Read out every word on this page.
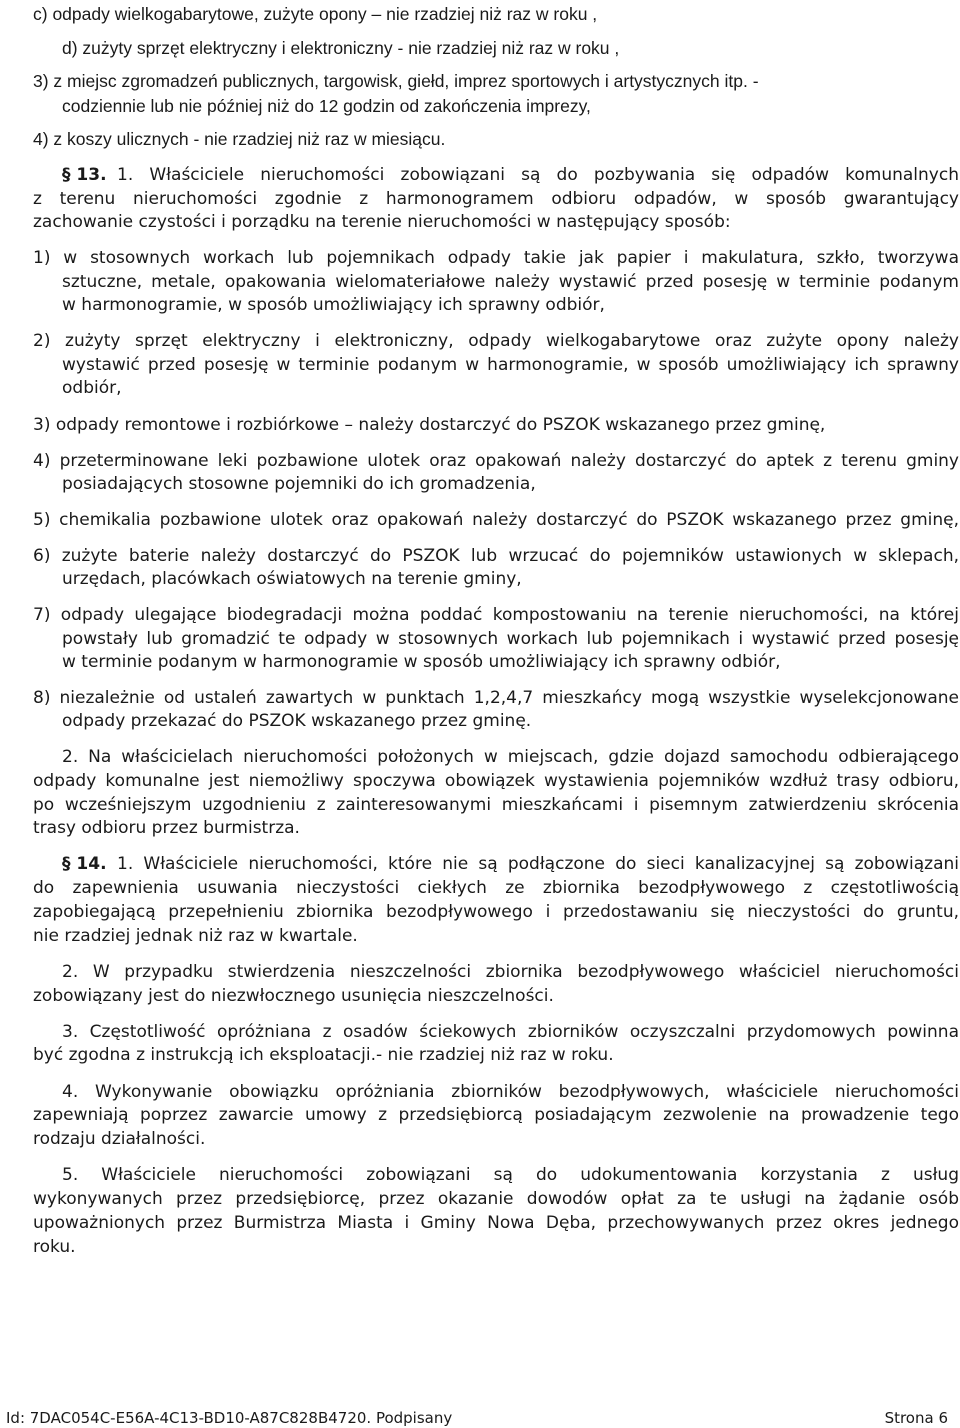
c) odpady wielkogabarytowe, zużyte opony – nie rzadziej niż raz w roku ,
d) zużyty sprzęt elektryczny i elektroniczny - nie rzadziej niż raz w roku ,
3) z miejsc zgromadzeń publicznych, targowisk, giełd, imprez sportowych i artystycznych itp. -
codziennie lub nie później niż do 12 godzin od zakończenia imprezy,
4) z koszy ulicznych - nie rzadziej niż raz w miesiącu.
§ 13. 1. Właściciele nieruchomości zobowiązani są do pozbywania się odpadów komunalnych
z terenu nieruchomości zgodnie z harmonogramem odbioru odpadów, w sposób gwarantujący
zachowanie czystości i porządku na terenie nieruchomości w następujący sposób:
1) w stosownych workach lub pojemnikach odpady takie jak papier i makulatura, szkło, tworzywa
sztuczne, metale, opakowania wielomateriałowe należy wystawić przed posesję w terminie podanym
w harmonogramie, w sposób umożliwiający ich sprawny odbiór,
2) zużyty sprzęt elektryczny i elektroniczny, odpady wielkogabarytowe oraz zużyte opony należy
wystawić przed posesję w terminie podanym w harmonogramie, w sposób umożliwiający ich sprawny
odbiór,
3) odpady remontowe i rozbiórkowe – należy dostarczyć do PSZOK wskazanego przez gminę,
4) przeterminowane leki pozbawione ulotek oraz opakowań należy dostarczyć do aptek z terenu gminy
posiadających stosowne pojemniki do ich gromadzenia,
5) chemikalia pozbawione ulotek oraz opakowań należy dostarczyć do PSZOK wskazanego przez gminę,
6) zużyte baterie należy dostarczyć do PSZOK lub wrzucać do pojemników ustawionych w sklepach,
urzędach, placówkach oświatowych na terenie gminy,
7) odpady ulegające biodegradacji można poddać kompostowaniu na terenie nieruchomości, na której
powstały lub gromadzić te odpady w stosownych workach lub pojemnikach i wystawić przed posesję
w terminie podanym w harmonogramie w sposób umożliwiający ich sprawny odbiór,
8) niezależnie od ustaleń zawartych w punktach 1,2,4,7 mieszkańcy mogą wszystkie wyselekcjonowane
odpady przekazać do PSZOK wskazanego przez gminę.
2. Na właścicielach nieruchomości położonych w miejscach, gdzie dojazd samochodu odbierającego
odpady komunalne jest niemożliwy spoczywa obowiązek wystawienia pojemników wzdłuż trasy odbioru,
po wcześniejszym uzgodnieniu z zainteresowanymi mieszkańcami i pisemnym zatwierdzeniu skrócenia
trasy odbioru przez burmistrza.
§ 14. 1. Właściciele nieruchomości, które nie są podłączone do sieci kanalizacyjnej są zobowiązani
do zapewnienia usuwania nieczystości ciekłych ze zbiornika bezodpływowego z częstotliwością
zapobiegającą przepełnieniu zbiornika bezodpływowego i przedostawaniu się nieczystości do gruntu,
nie rzadziej jednak niż raz w kwartale.
2. W przypadku stwierdzenia nieszczelności zbiornika bezodpływowego właściciel nieruchomości
zobowiązany jest do niezwłocznego usunięcia nieszczelności.
3. Częstotliwość opróżniana z osadów ściekowych zbiorników oczyszczalni przydomowych powinna
być zgodna z instrukcją ich eksploatacji.- nie rzadziej niż raz w roku.
4. Wykonywanie obowiązku opróżniania zbiorników bezodpływowych, właściciele nieruchomości
zapewniają poprzez zawarcie umowy z przedsiębiorcą posiadającym zezwolenie na prowadzenie tego
rodzaju działalności.
5. Właściciele nieruchomości zobowiązani są do udokumentowania korzystania z usług
wykonywanych przez przedsiębiorcę, przez okazanie dowodów opłat za te usługi na żądanie osób
upoważnionych przez Burmistrza Miasta i Gminy Nowa Dęba, przechowywanych przez okres jednego
roku.
Id: 7DAC054C-E56A-4C13-BD10-A87C828B4720. Podpisany	Strona 6
